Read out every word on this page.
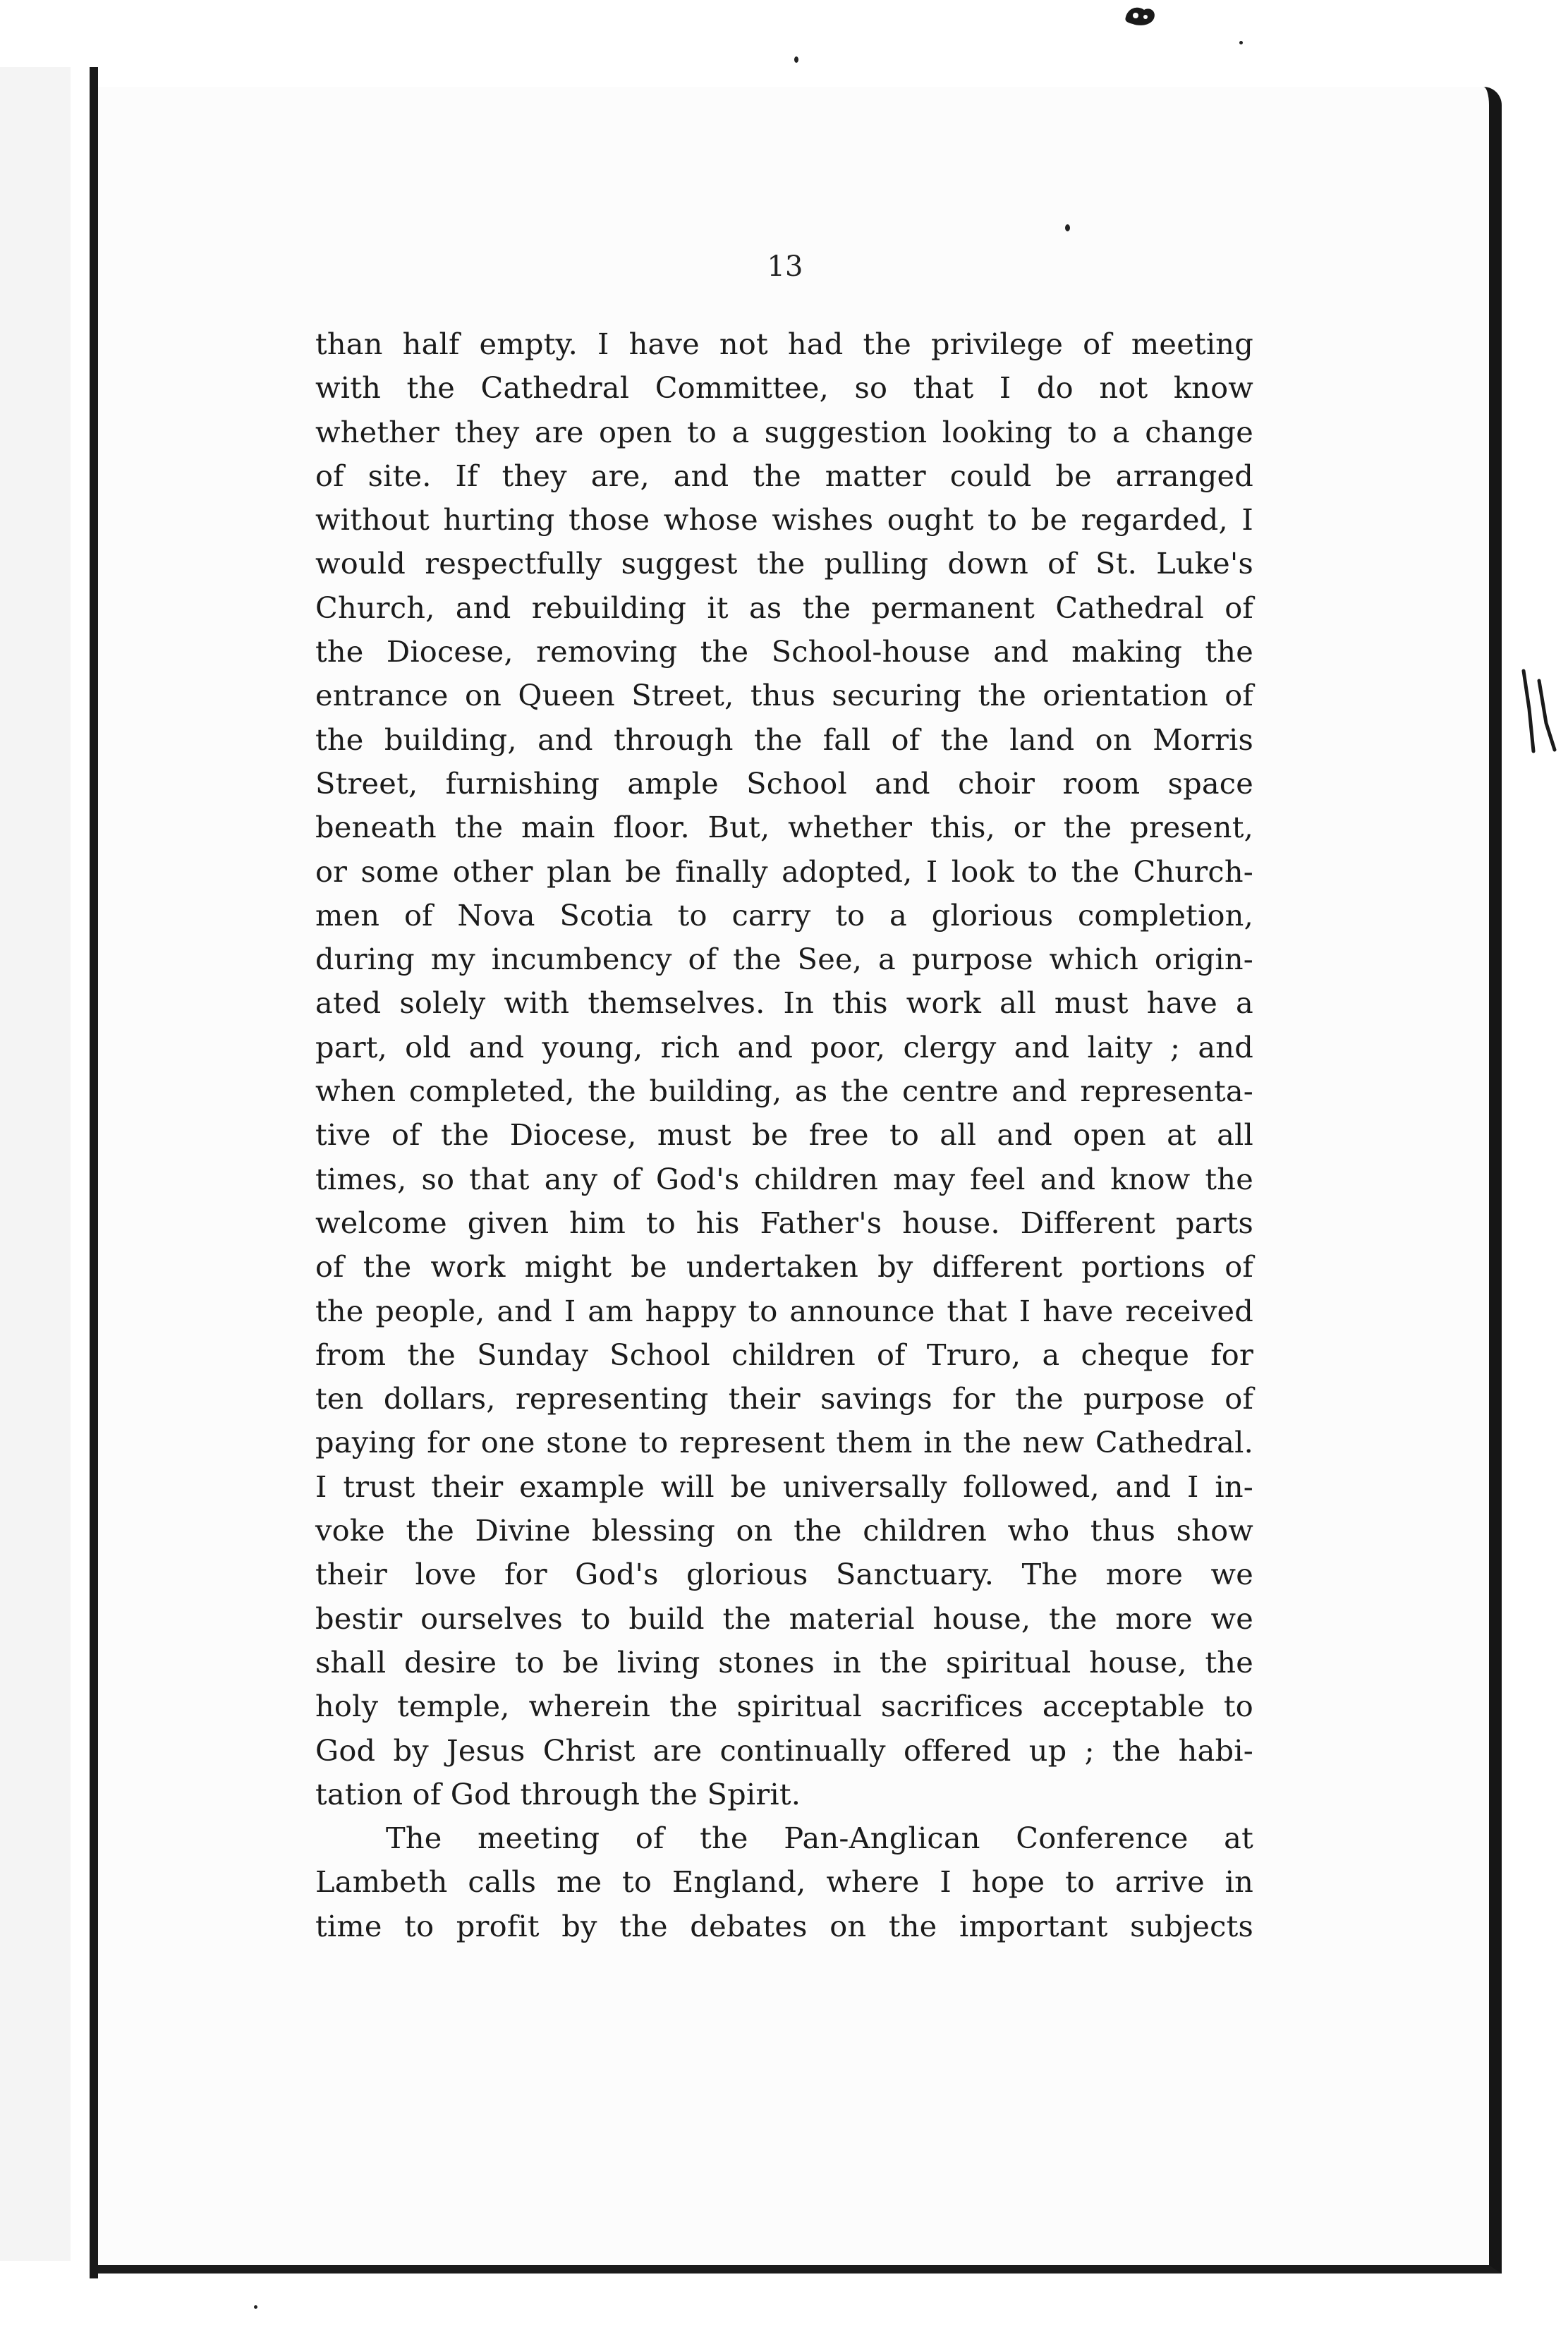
13
than half empty. I have not had the privilege of meeting
with the Cathedral Committee, so that I do not know
whether they are open to a suggestion looking to a change
of site. If they are, and the matter could be arranged
without hurting those whose wishes ought to be regarded, I
would respectfully suggest the pulling down of St. Luke's
Church, and rebuilding it as the permanent Cathedral of
the Diocese, removing the School-house and making the
entrance on Queen Street, thus securing the orientation of
the building, and through the fall of the land on Morris
Street, furnishing ample School and choir room space
beneath the main floor. But, whether this, or the present,
or some other plan be finally adopted, I look to the Church-
men of Nova Scotia to carry to a glorious completion,
during my incumbency of the See, a purpose which origin-
ated solely with themselves. In this work all must have a
part, old and young, rich and poor, clergy and laity ; and
when completed, the building, as the centre and representa-
tive of the Diocese, must be free to all and open at all
times, so that any of God's children may feel and know the
welcome given him to his Father's house. Different parts
of the work might be undertaken by different portions of
the people, and I am happy to announce that I have received
from the Sunday School children of Truro, a cheque for
ten dollars, representing their savings for the purpose of
paying for one stone to represent them in the new Cathedral.
I trust their example will be universally followed, and I in-
voke the Divine blessing on the children who thus show
their love for God's glorious Sanctuary. The more we
bestir ourselves to build the material house, the more we
shall desire to be living stones in the spiritual house, the
holy temple, wherein the spiritual sacrifices acceptable to
God by Jesus Christ are continually offered up ; the habi-
tation of God through the Spirit.
The meeting of the Pan-Anglican Conference at
Lambeth calls me to England, where I hope to arrive in
time to profit by the debates on the important subjects
